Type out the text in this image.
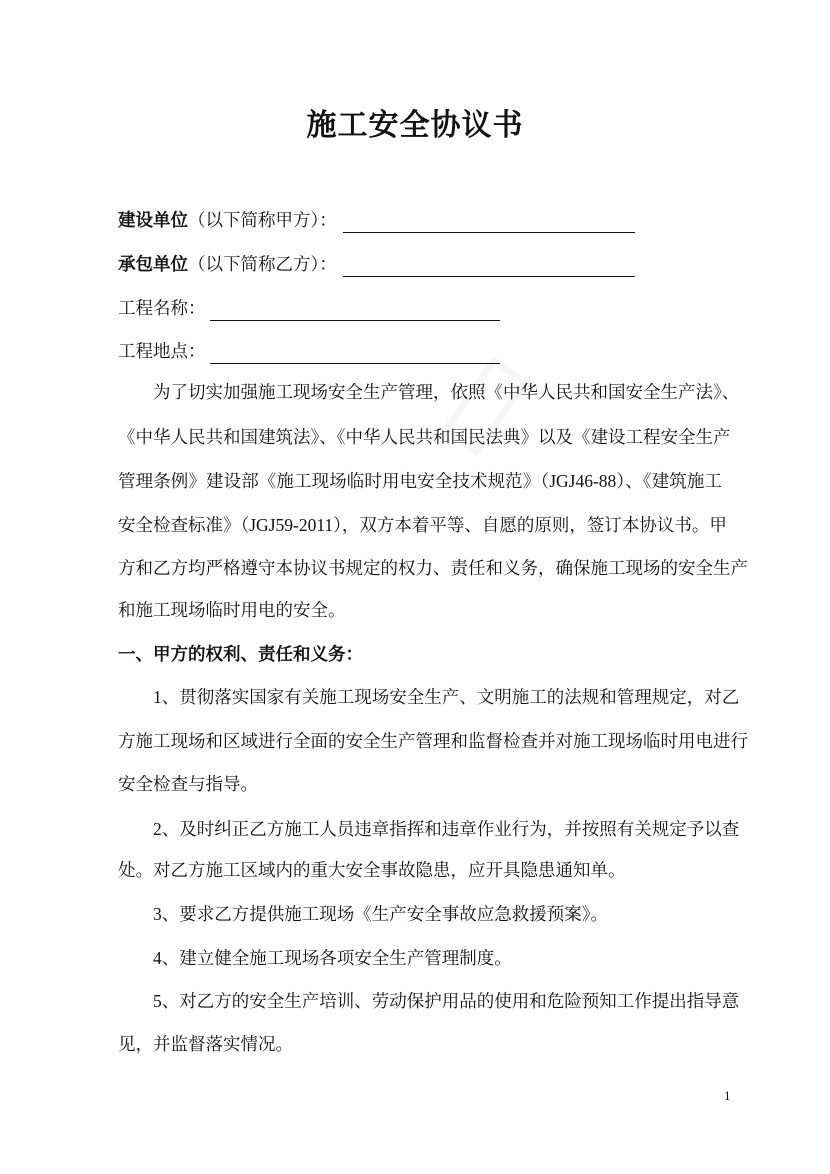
施工安全协议书
建设单位（以下简称甲方）：
承包单位（以下简称乙方）：
工程名称：
工程地点：
为了切实加强施工现场安全生产管理，依照《中华人民共和国安全生产法》、
《中华人民共和国建筑法》、《中华人民共和国民法典》以及《建设工程安全生产
管理条例》建设部《施工现场临时用电安全技术规范》（JGJ46-88）、《建筑施工
安全检查标准》（JGJ59-2011），双方本着平等、自愿的原则，签订本协议书。甲
方和乙方均严格遵守本协议书规定的权力、责任和义务，确保施工现场的安全生产
和施工现场临时用电的安全。
一、甲方的权利、责任和义务：
1、贯彻落实国家有关施工现场安全生产、文明施工的法规和管理规定，对乙
方施工现场和区域进行全面的安全生产管理和监督检查并对施工现场临时用电进行
安全检查与指导。
2、及时纠正乙方施工人员违章指挥和违章作业行为，并按照有关规定予以查
处。对乙方施工区域内的重大安全事故隐患，应开具隐患通知单。
3、要求乙方提供施工现场《生产安全事故应急救援预案》。
4、建立健全施工现场各项安全生产管理制度。
5、对乙方的安全生产培训、劳动保护用品的使用和危险预知工作提出指导意
见，并监督落实情况。
1
